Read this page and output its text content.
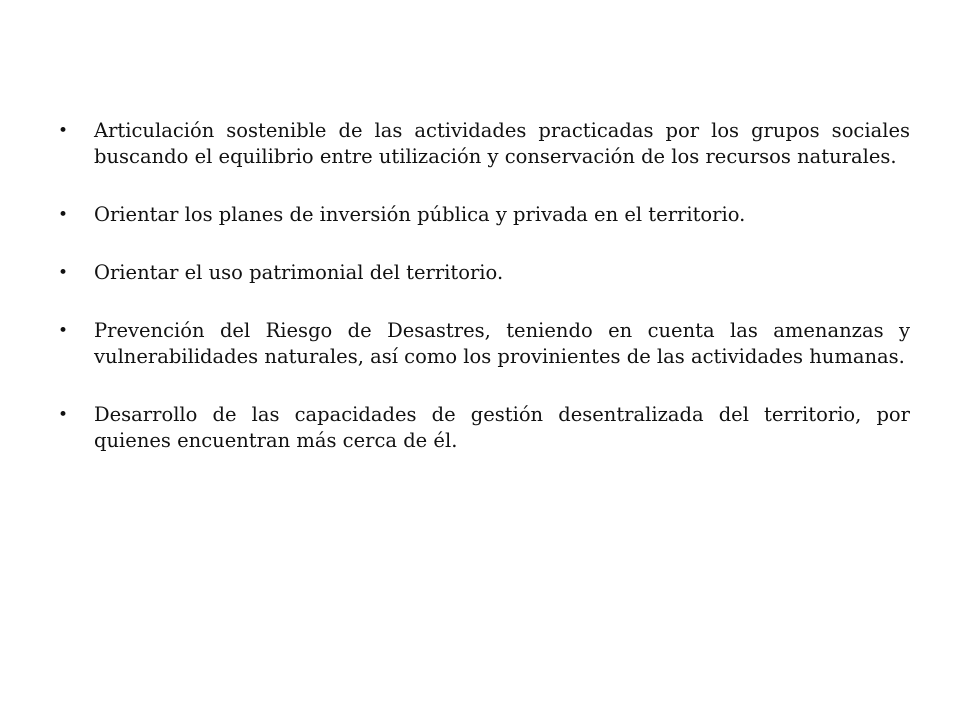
•	Articulación sostenible de las actividades practicadas por los grupos sociales buscando el equilibrio entre utilización y conservación de los recursos naturales.
•	Orientar los planes de inversión pública y privada en el territorio.
•	Orientar el uso patrimonial del territorio.
•	Prevención del Riesgo de Desastres, teniendo en cuenta las amenanzas y vulnerabilidades naturales, así como los provinientes de las actividades humanas.
•	Desarrollo de las capacidades de gestión desentralizada del territorio, por quienes encuentran más cerca de él.
